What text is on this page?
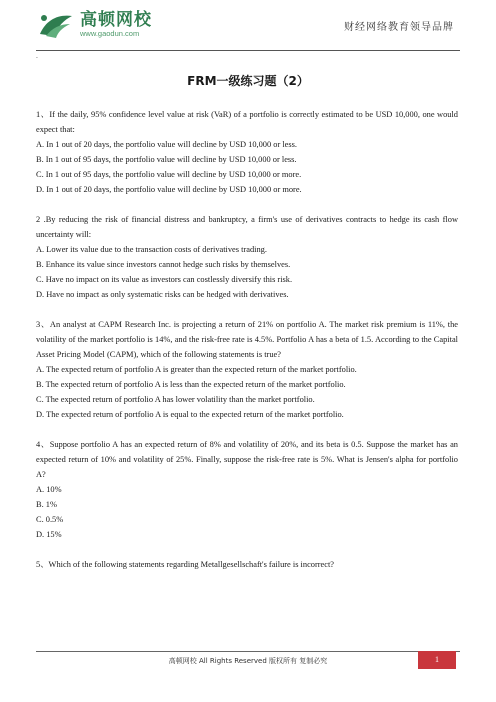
高顿网校
www.gaodun.com
财经网络教育领导品牌
.
FRM一级练习题（2）

1、If the daily, 95% confidence level value at risk (VaR) of a portfolio is correctly estimated to be USD 10,000, one would expect that:

A. In 1 out of 20 days, the portfolio value will decline by USD 10,000 or less.

B. In 1 out of 95 days, the portfolio value will decline by USD 10,000 or less.

C. In 1 out of 95 days, the portfolio value will decline by USD 10,000 or more.

D. In 1 out of 20 days, the portfolio value will decline by USD 10,000 or more.

2 .By reducing the risk of financial distress and bankruptcy, a firm's use of derivatives contracts to hedge its cash flow uncertainty will:

A. Lower its value due to the transaction costs of derivatives trading.

B. Enhance its value since investors cannot hedge such risks by themselves.

C. Have no impact on its value as investors can costlessly diversify this risk.

D. Have no impact as only systematic risks can be hedged with derivatives.

3、An analyst at CAPM Research Inc. is projecting a return of 21% on portfolio A. The market risk premium is 11%, the volatility of the market portfolio is 14%, and the risk-free rate is 4.5%. Portfolio A has a beta of 1.5. According to the Capital Asset Pricing Model (CAPM), which of the following statements is true?

A. The expected return of portfolio A is greater than the expected return of the market portfolio.

B. The expected return of portfolio A is less than the expected return of the market portfolio.

C. The expected return of portfolio A has lower volatility than the market portfolio.

D. The expected return of portfolio A is equal to the expected return of the market portfolio.

4、Suppose portfolio A has an expected return of 8% and volatility of 20%, and its beta is 0.5. Suppose the market has an expected return of 10% and volatility of 25%. Finally, suppose the risk-free rate is 5%. What is Jensen's alpha for portfolio A?

A. 10%

B. 1%

C. 0.5%

D. 15%

5、Which of the following statements regarding Metallgesellschaft's failure is incorrect?

高顿网校 All Rights Reserved 版权所有 复制必究	1
